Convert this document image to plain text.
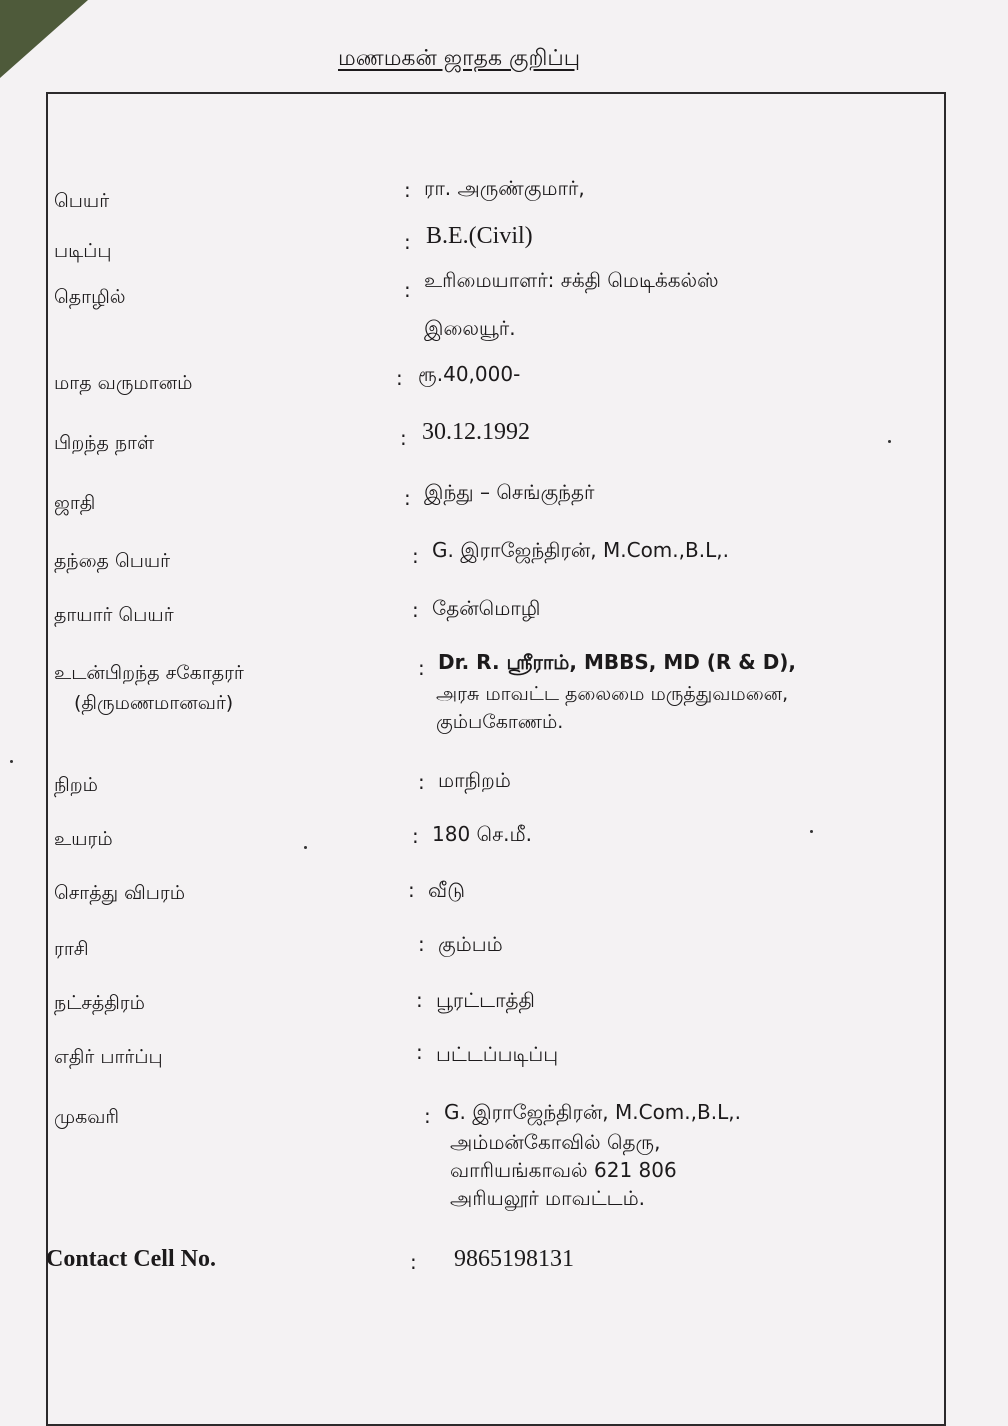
மணமகன் ஜாதக குறிப்பு
பெயர்	: ரா. அருண்குமார்,
படிப்பு	: B.E.(Civil)
தொழில்	: உரிமையாளர்: சக்தி மெடிக்கல்ஸ்
இலையூர்.
மாத வருமானம்	: ரூ.40,000-
பிறந்த நாள்	: 30.12.1992
ஜாதி	: இந்து – செங்குந்தர்
தந்தை பெயர்	: G. இராஜேந்திரன், M.Com.,B.L,.
தாயார் பெயர்	: தேன்மொழி
உடன்பிறந்த சகோதரர்
(திருமணமானவர்)
: Dr. R. ஸ்ரீராம், MBBS, MD (R & D),
அரசு மாவட்ட தலைமை மருத்துவமனை,
கும்பகோணம்.
நிறம்	: மாநிறம்
உயரம்	: 180 செ.மீ.
சொத்து விபரம்	: வீடு
ராசி	: கும்பம்
நட்சத்திரம்	: பூரட்டாத்தி
எதிர் பார்ப்பு	: பட்டப்படிப்பு
முகவரி	: G. இராஜேந்திரன், M.Com.,B.L,.
அம்மன்கோவில் தெரு,
வாரியங்காவல் 621 806
அரியலூர் மாவட்டம்.
Contact Cell No.	: 9865198131
